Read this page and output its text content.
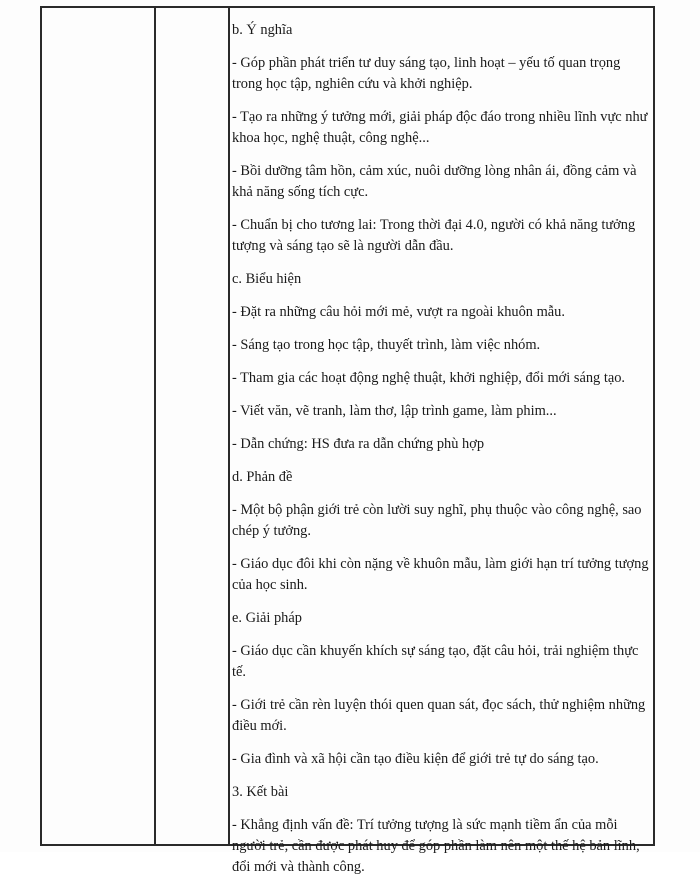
b. Ý nghĩa

- Góp phần phát triển tư duy sáng tạo, linh hoạt – yếu tố quan trọng trong học tập, nghiên cứu và khởi nghiệp.

- Tạo ra những ý tưởng mới, giải pháp độc đáo trong nhiều lĩnh vực như khoa học, nghệ thuật, công nghệ...

- Bồi dưỡng tâm hồn, cảm xúc, nuôi dưỡng lòng nhân ái, đồng cảm và khả năng sống tích cực.

- Chuẩn bị cho tương lai: Trong thời đại 4.0, người có khả năng tưởng tượng và sáng tạo sẽ là người dẫn đầu.

c. Biểu hiện

- Đặt ra những câu hỏi mới mẻ, vượt ra ngoài khuôn mẫu.

- Sáng tạo trong học tập, thuyết trình, làm việc nhóm.

- Tham gia các hoạt động nghệ thuật, khởi nghiệp, đổi mới sáng tạo.

- Viết văn, vẽ tranh, làm thơ, lập trình game, làm phim...

- Dẫn chứng: HS đưa ra dẫn chứng phù hợp

d. Phản đề

- Một bộ phận giới trẻ còn lười suy nghĩ, phụ thuộc vào công nghệ, sao chép ý tưởng.

- Giáo dục đôi khi còn nặng về khuôn mẫu, làm giới hạn trí tưởng tượng của học sinh.

e. Giải pháp

- Giáo dục cần khuyến khích sự sáng tạo, đặt câu hỏi, trải nghiệm thực tế.

- Giới trẻ cần rèn luyện thói quen quan sát, đọc sách, thử nghiệm những điều mới.

- Gia đình và xã hội cần tạo điều kiện để giới trẻ tự do sáng tạo.

3. Kết bài

- Khẳng định vấn đề: Trí tưởng tượng là sức mạnh tiềm ẩn của mỗi người trẻ, cần được phát huy để góp phần làm nên một thế hệ bản lĩnh, đổi mới và thành công.
